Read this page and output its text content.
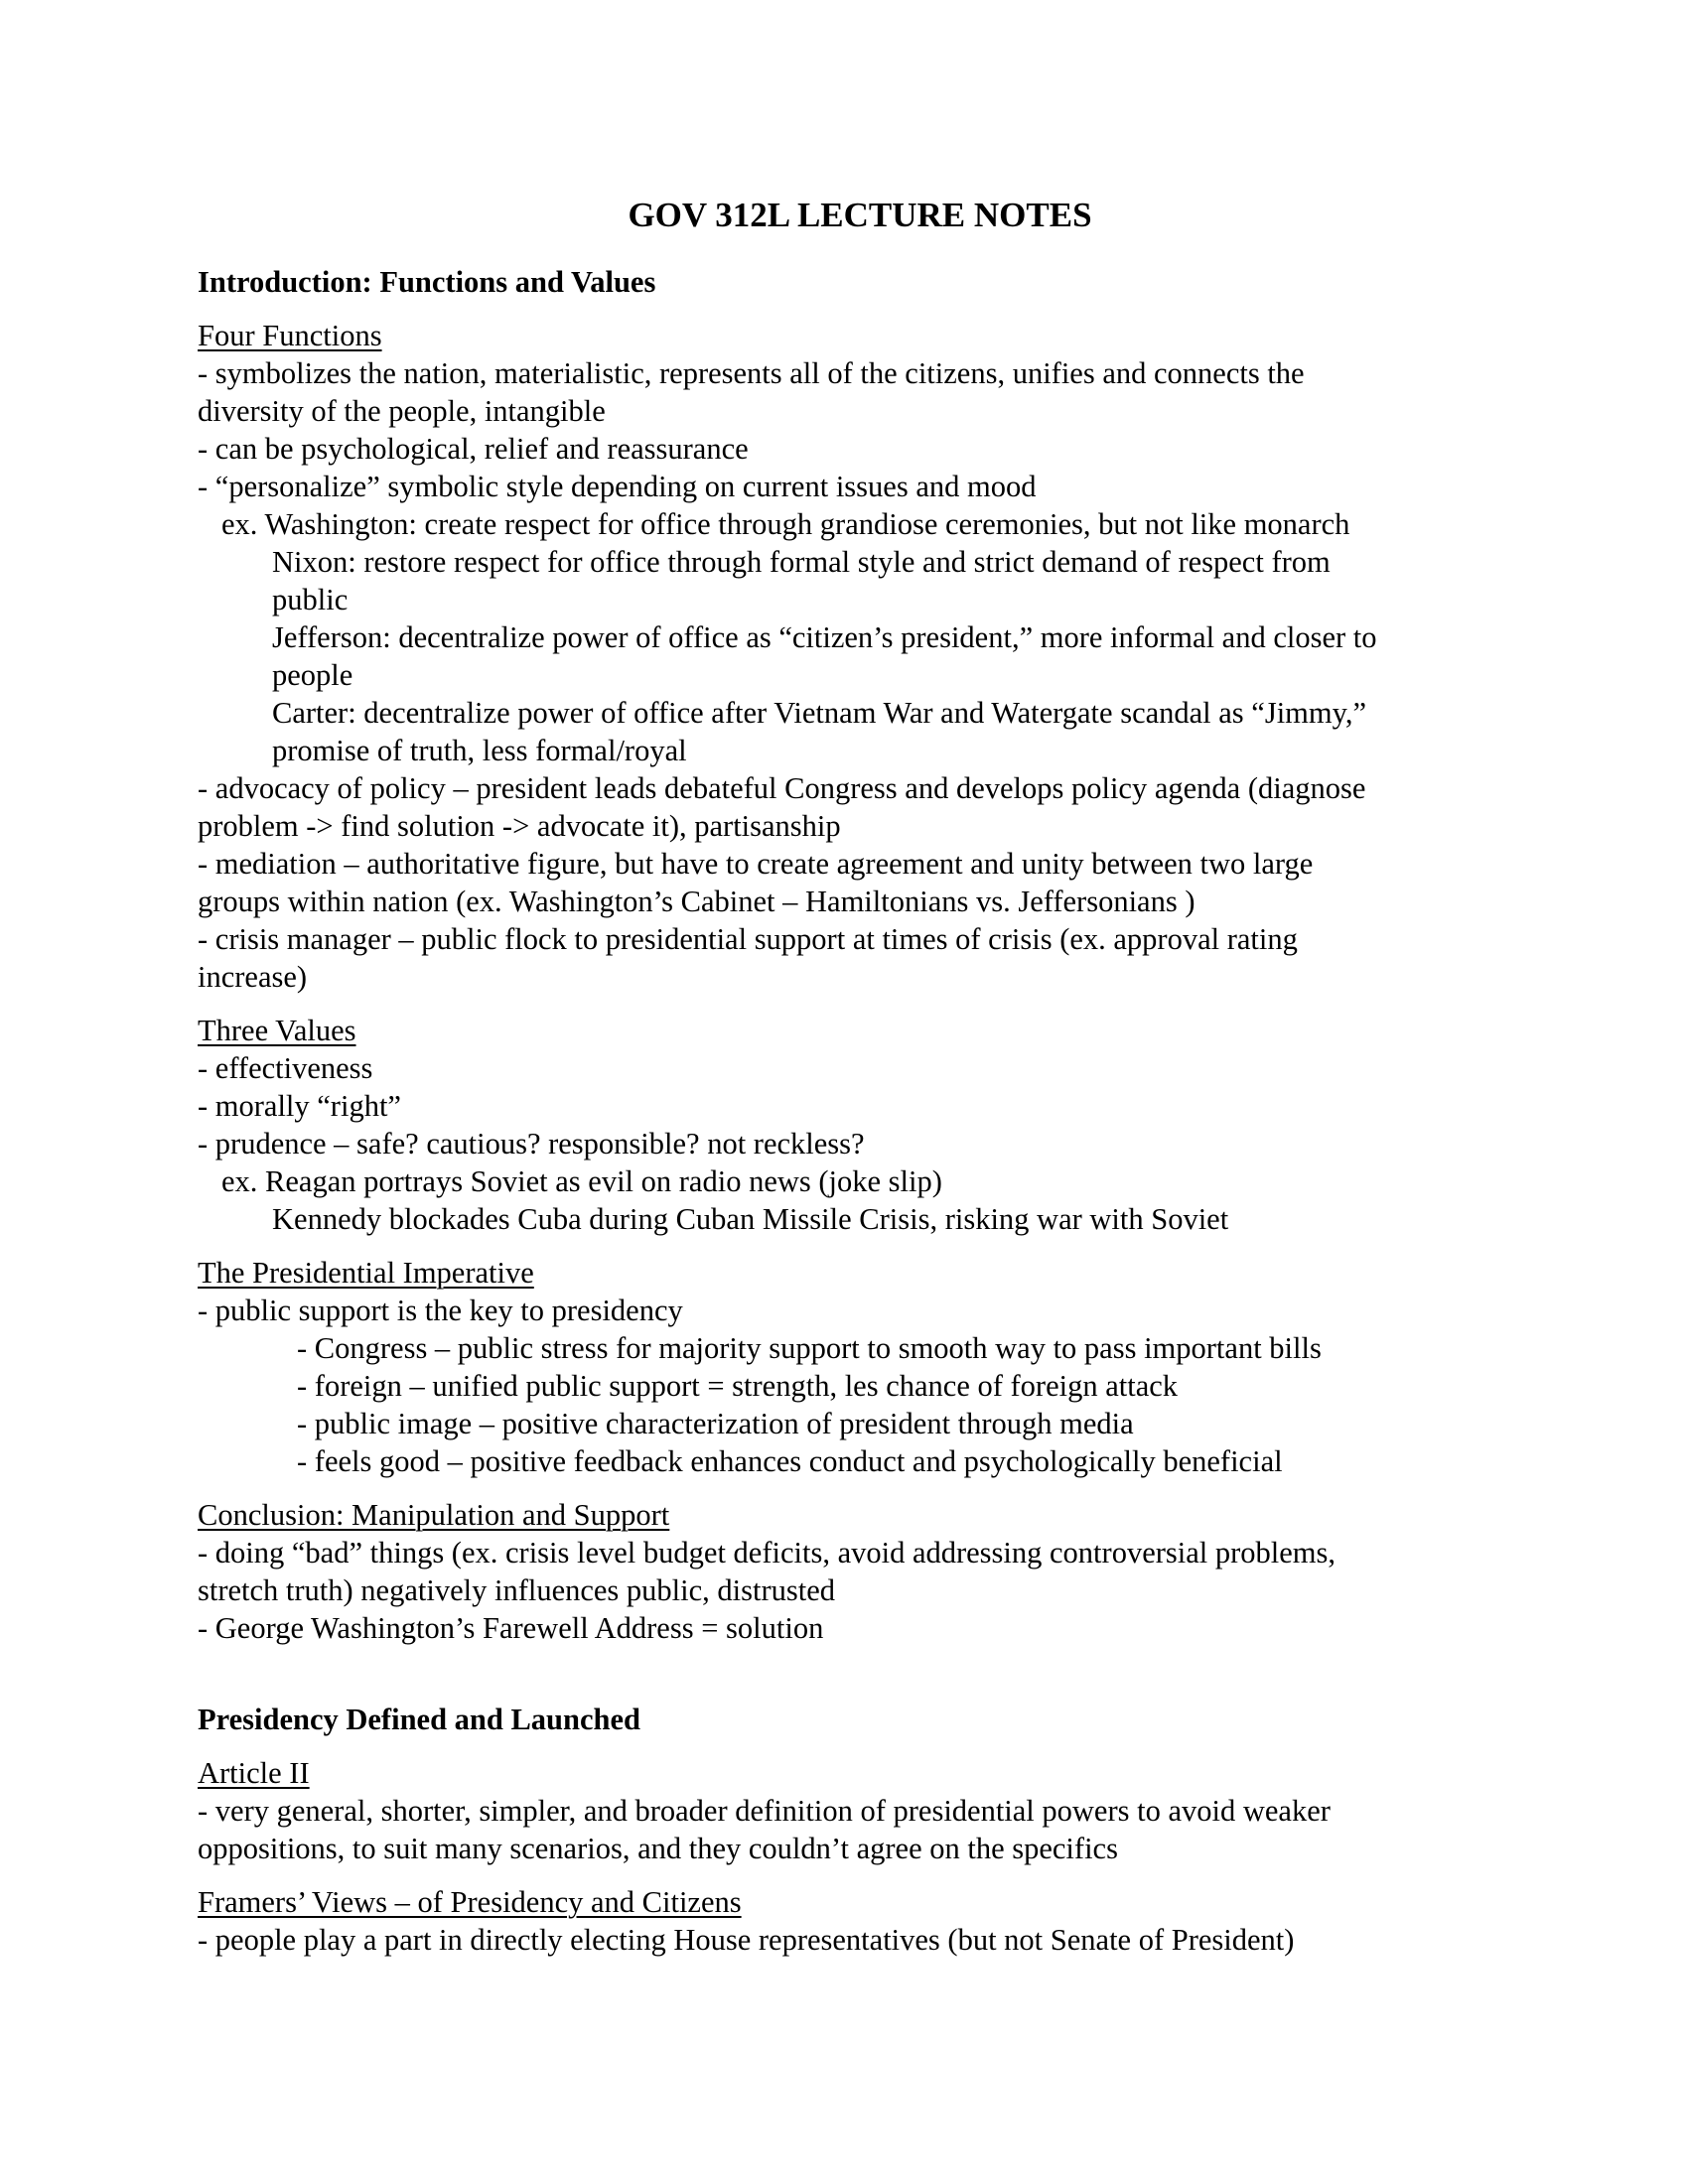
GOV 312L LECTURE NOTES
Introduction: Functions and Values
Four Functions
- symbolizes the nation, materialistic, represents all of the citizens, unifies and connects the
diversity of the people, intangible
- can be psychological, relief and reassurance
- “personalize” symbolic style depending on current issues and mood
ex. Washington: create respect for office through grandiose ceremonies, but not like monarch
Nixon: restore respect for office through formal style and strict demand of respect from
public
Jefferson: decentralize power of office as “citizen’s president,” more informal and closer to
people
Carter: decentralize power of office after Vietnam War and Watergate scandal as “Jimmy,”
promise of truth, less formal/royal
- advocacy of policy – president leads debateful Congress and develops policy agenda (diagnose
problem -> find solution -> advocate it), partisanship
- mediation – authoritative figure, but have to create agreement and unity between two large
groups within nation (ex. Washington’s Cabinet – Hamiltonians vs. Jeffersonians )
- crisis manager – public flock to presidential support at times of crisis (ex. approval rating
increase)
Three Values
- effectiveness
- morally “right”
- prudence – safe? cautious? responsible? not reckless?
ex. Reagan portrays Soviet as evil on radio news (joke slip)
Kennedy blockades Cuba during Cuban Missile Crisis, risking war with Soviet
The Presidential Imperative
- public support is the key to presidency
- Congress – public stress for majority support to smooth way to pass important bills
- foreign – unified public support = strength, les chance of foreign attack
- public image – positive characterization of president through media
- feels good – positive feedback enhances conduct and psychologically beneficial
Conclusion: Manipulation and Support
- doing “bad” things (ex. crisis level budget deficits, avoid addressing controversial problems,
stretch truth) negatively influences public, distrusted
- George Washington’s Farewell Address = solution
Presidency Defined and Launched
Article II
- very general, shorter, simpler, and broader definition of presidential powers to avoid weaker
oppositions, to suit many scenarios, and they couldn’t agree on the specifics
Framers’ Views – of Presidency and Citizens
- people play a part in directly electing House representatives (but not Senate of President)
